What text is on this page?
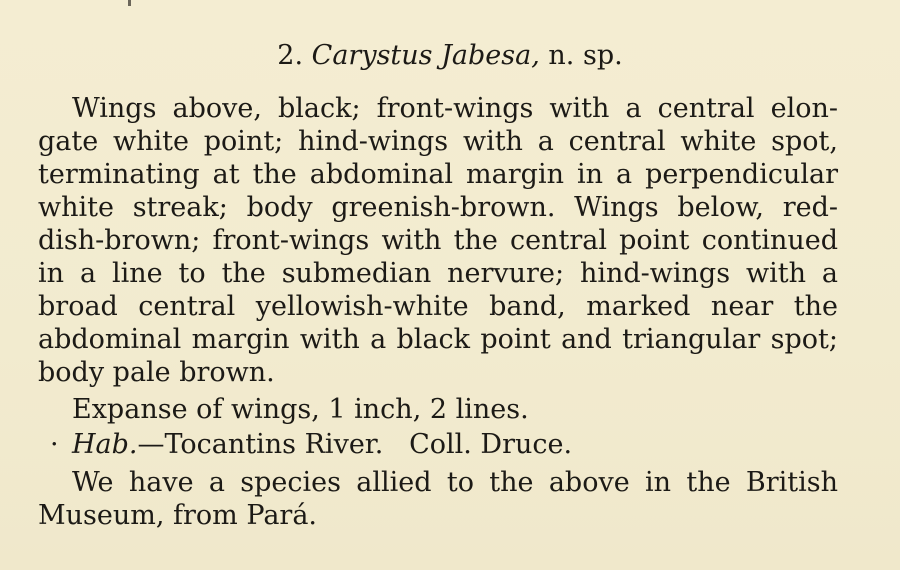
2. Carystus Jabesa, n. sp.
Wings above, black; front-wings with a central elon-
gate white point; hind-wings with a central white spot,
terminating at the abdominal margin in a perpendicular
white streak; body greenish-brown. Wings below, red-
dish-brown; front-wings with the central point continued
in a line to the submedian nervure; hind-wings with a
broad central yellowish-white band, marked near the
abdominal margin with a black point and triangular spot;
body pale brown.
Expanse of wings, 1 inch, 2 lines.
· Hab.—Tocantins River.   Coll. Druce.
We have a species allied to the above in the British
Museum, from Pará.
